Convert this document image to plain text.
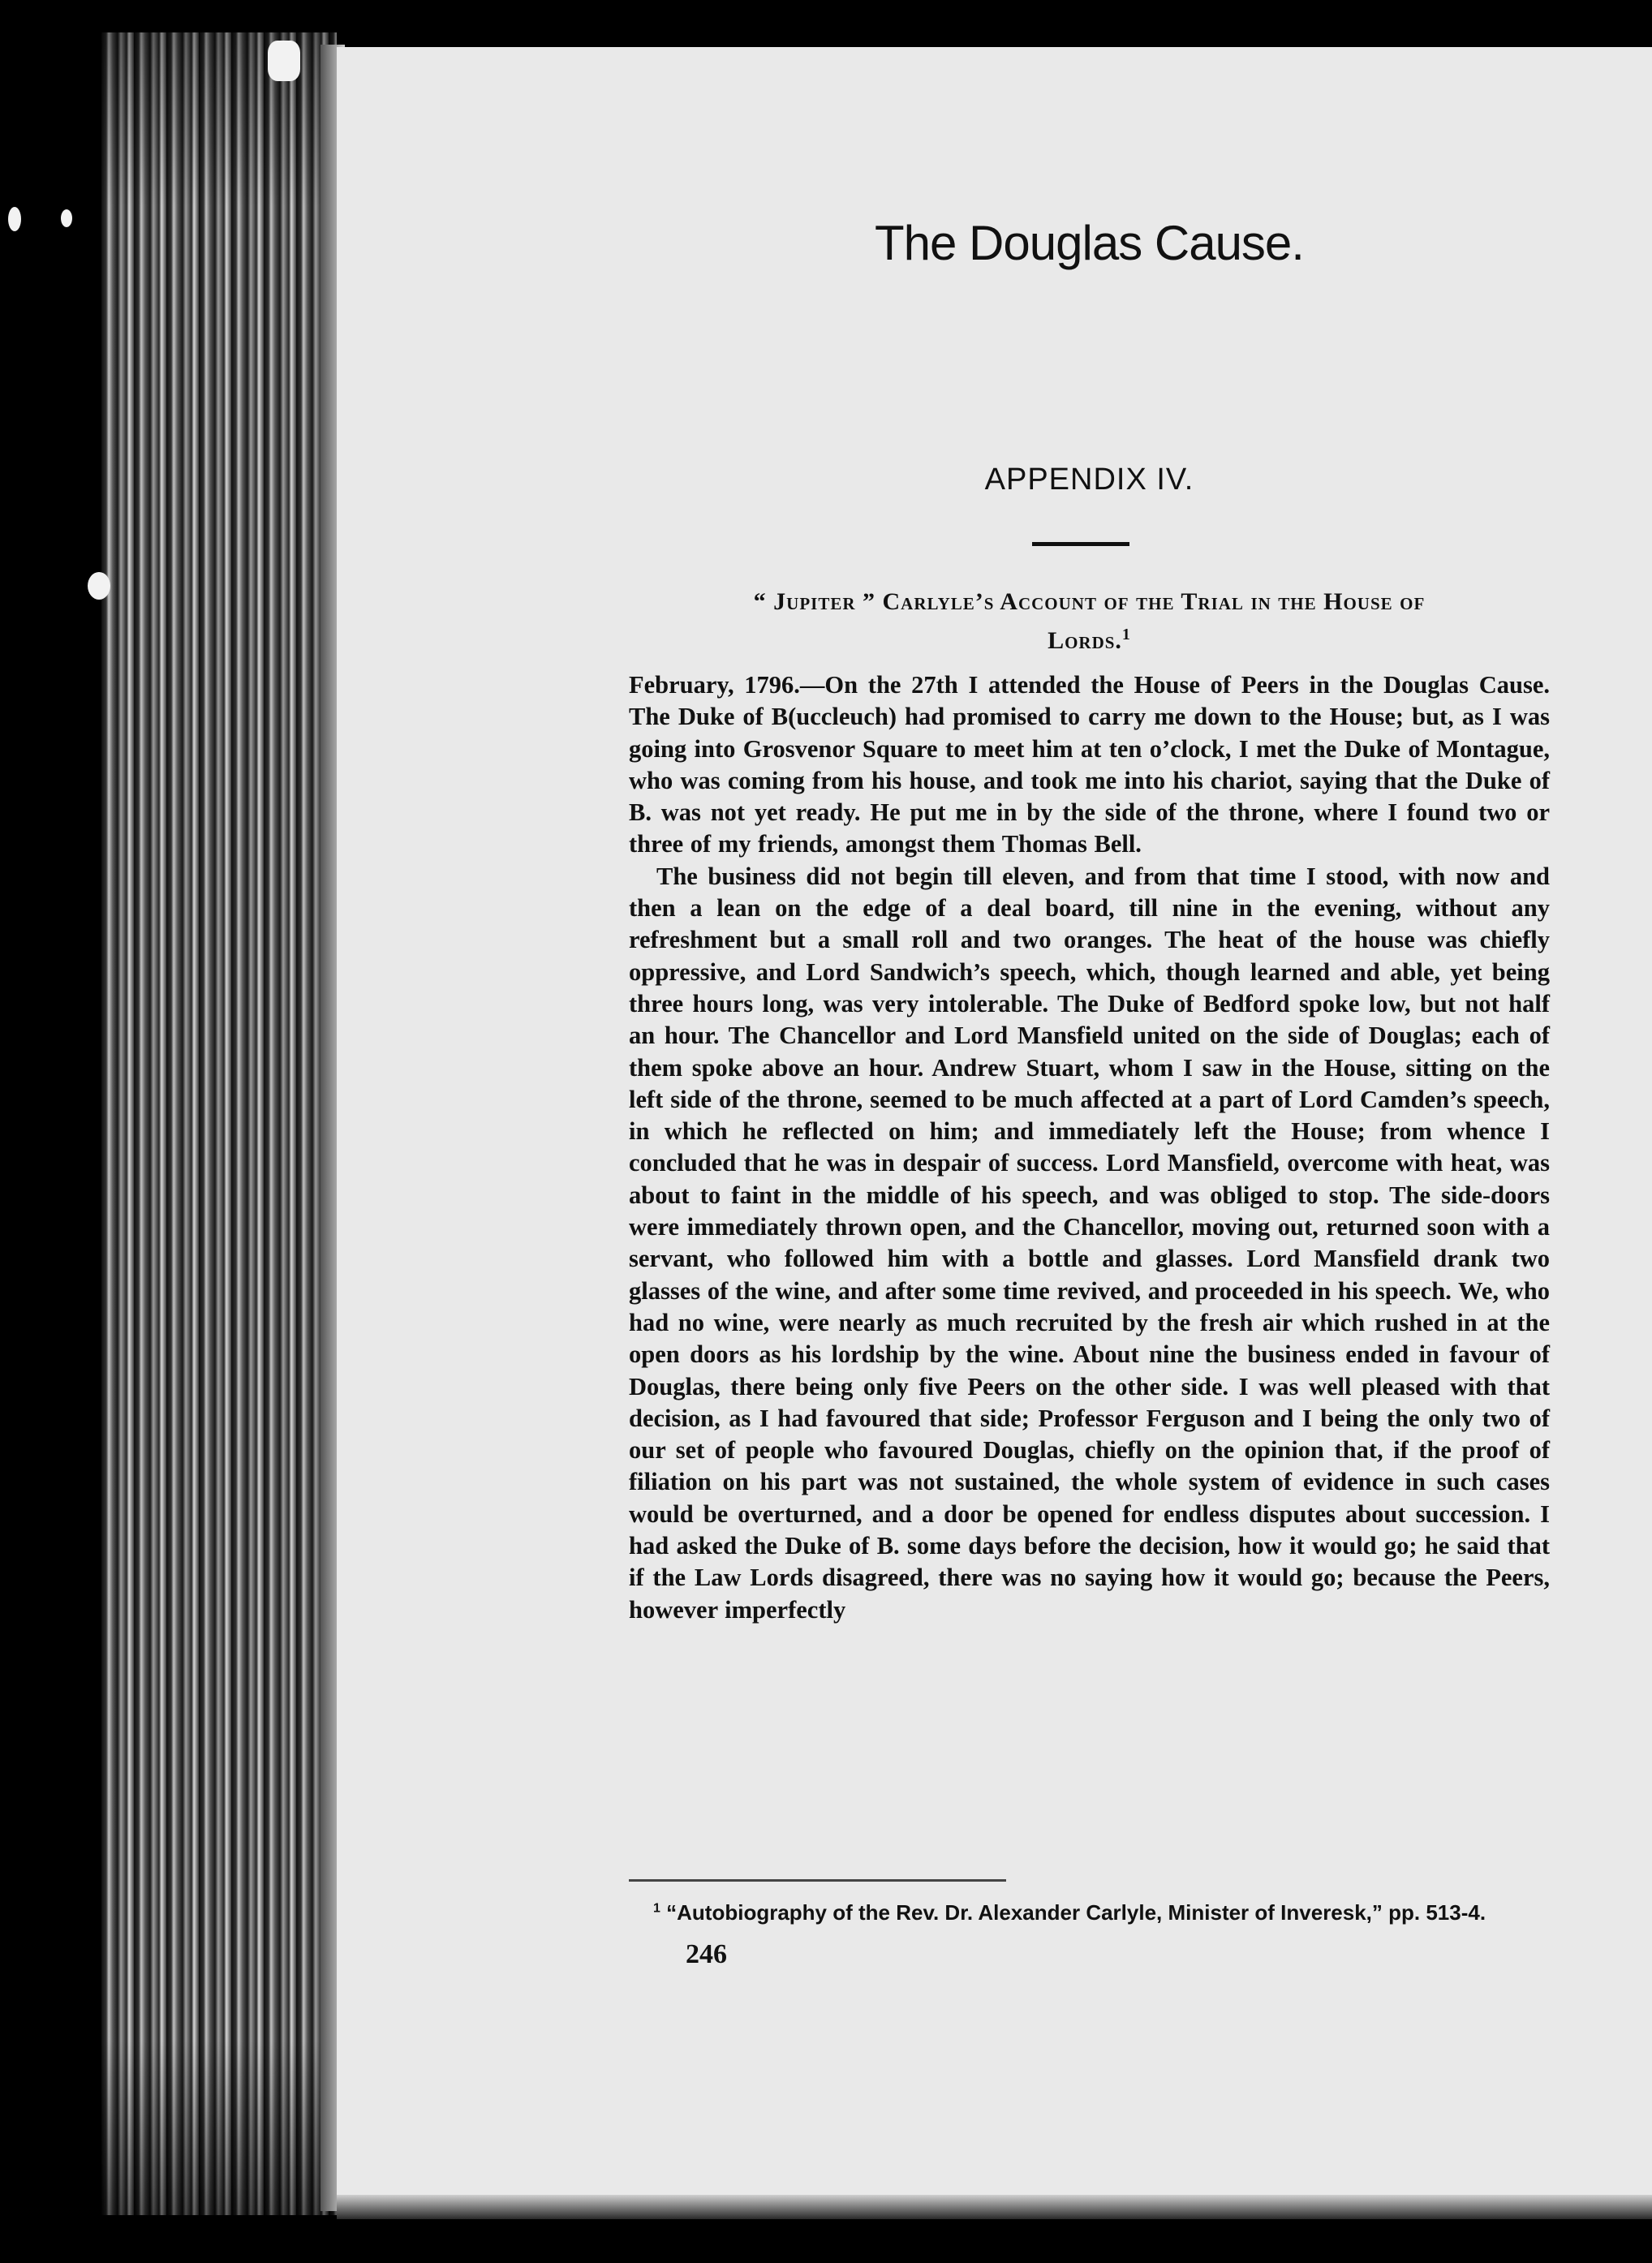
The Douglas Cause.
APPENDIX IV.
“ Jupiter ” Carlyle’s Account of the Trial in the House of
Lords.$^1$

February, 1796.—On the 27th I attended the House of Peers in the Douglas Cause. The Duke of B(uccleuch) had promised to carry me down to the House; but, as I was going into Grosvenor Square to meet him at ten o’clock, I met the Duke of Montague, who was coming from his house, and took me into his chariot, saying that the Duke of B. was not yet ready. He put me in by the side of the throne, where I found two or three of my friends, amongst them Thomas Bell.

The business did not begin till eleven, and from that time I stood, with now and then a lean on the edge of a deal board, till nine in the evening, without any refreshment but a small roll and two oranges. The heat of the house was chiefly oppressive, and Lord Sandwich’s speech, which, though learned and able, yet being three hours long, was very intolerable. The Duke of Bedford spoke low, but not half an hour. The Chancellor and Lord Mansfield united on the side of Douglas; each of them spoke above an hour. Andrew Stuart, whom I saw in the House, sitting on the left side of the throne, seemed to be much affected at a part of Lord Camden’s speech, in which he reflected on him; and immediately left the House; from whence I concluded that he was in despair of success. Lord Mansfield, overcome with heat, was about to faint in the middle of his speech, and was obliged to stop. The side-doors were immediately thrown open, and the Chancellor, moving out, returned soon with a servant, who followed him with a bottle and glasses. Lord Mansfield drank two glasses of the wine, and after some time revived, and proceeded in his speech. We, who had no wine, were nearly as much recruited by the fresh air which rushed in at the open doors as his lordship by the wine. About nine the business ended in favour of Douglas, there being only five Peers on the other side. I was well pleased with that decision, as I had favoured that side; Professor Ferguson and I being the only two of our set of people who favoured Douglas, chiefly on the opinion that, if the proof of filiation on his part was not sustained, the whole system of evidence in such cases would be overturned, and a door be opened for endless disputes about succession. I had asked the Duke of B. some days before the decision, how it would go; he said that if the Law Lords disagreed, there was no saying how it would go; because the Peers, however imperfectly

$^1$ “Autobiography of the Rev. Dr. Alexander Carlyle, Minister of Inveresk,” pp. 513-4.
246
